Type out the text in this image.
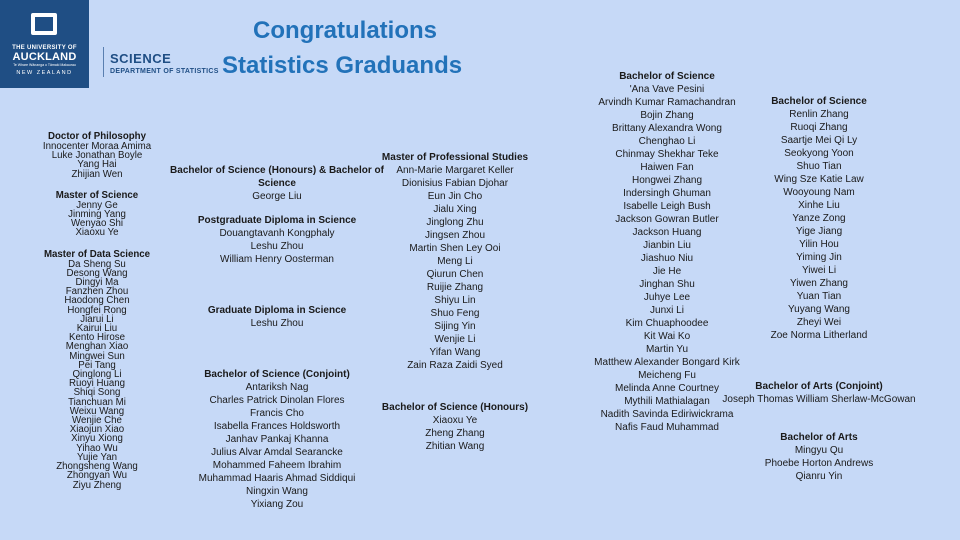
THE UNIVERSITY OF
AUCKLAND
Te Whare Wānanga o Tāmaki Makaurau
NEW ZEALAND
SCIENCE
DEPARTMENT OF STATISTICS
Congratulations
Statistics Graduands
Doctor of Philosophy
Innocenter Moraa Amima
Luke Jonathan Boyle
Yang Hai
Zhijian Wen
Master of Science
Jenny Ge
Jinming Yang
Wenyao Shi
Xiaoxu Ye
Master of Data Science
Da Sheng Su
Desong Wang
Dingyi Ma
Fanzhen Zhou
Haodong Chen
Hongfei Rong
Jiarui Li
Kairui Liu
Kento Hirose
Menghan Xiao
Mingwei Sun
Pei Tang
Qinglong Li
Ruoyi Huang
Shiqi Song
Tianchuan Mi
Weixu Wang
Wenjie Che
Xiaojun Xiao
Xinyu Xiong
Yihao Wu
Yujie Yan
Zhongsheng Wang
Zhongyan Wu
Ziyu Zheng
Bachelor of Science (Honours) & Bachelor of Science
George Liu
Postgraduate Diploma in Science
Douangtavanh Kongphaly
Leshu Zhou
William Henry Oosterman
Graduate Diploma in Science
Leshu Zhou
Bachelor of Science (Conjoint)
Antariksh Nag
Charles Patrick Dinolan Flores
Francis Cho
Isabella Frances Holdsworth
Janhav Pankaj Khanna
Julius Alvar Amdal Searancke
Mohammed Faheem Ibrahim
Muhammad Haaris Ahmad Siddiqui
Ningxin Wang
Yixiang Zou
Master of Professional Studies
Ann-Marie Margaret Keller
Dionisius Fabian Djohar
Eun Jin Cho
Jialu Xing
Jinglong Zhu
Jingsen Zhou
Martin Shen Ley Ooi
Meng Li
Qiurun Chen
Ruijie Zhang
Shiyu Lin
Shuo Feng
Sijing Yin
Wenjie Li
Yifan Wang
Zain Raza Zaidi Syed
Bachelor of Science (Honours)
Xiaoxu Ye
Zheng Zhang
Zhitian Wang
Bachelor of Science
'Ana Vave Pesini
Arvindh Kumar Ramachandran
Bojin Zhang
Brittany Alexandra Wong
Chenghao Li
Chinmay Shekhar Teke
Haiwen Fan
Hongwei Zhang
Indersingh Ghuman
Isabelle Leigh Bush
Jackson Gowran Butler
Jackson Huang
Jianbin Liu
Jiashuo Niu
Jie He
Jinghan Shu
Juhye Lee
Junxi Li
Kim Chuaphoodee
Kit Wai Ko
Martin Yu
Matthew Alexander Bongard Kirk
Meicheng Fu
Melinda Anne Courtney
Mythili Mathialagan
Nadith Savinda Ediriwickrama
Nafis Faud Muhammad
Bachelor of Science
Renlin Zhang
Ruoqi Zhang
Saartje Mei Qi Ly
Seokyong Yoon
Shuo Tian
Wing Sze Katie Law
Wooyoung Nam
Xinhe Liu
Yanze Zong
Yige Jiang
Yilin Hou
Yiming Jin
Yiwei Li
Yiwen Zhang
Yuan Tian
Yuyang Wang
Zheyi Wei
Zoe Norma Litherland
Bachelor of Arts (Conjoint)
Joseph Thomas William Sherlaw-McGowan
Bachelor of Arts
Mingyu Qu
Phoebe Horton Andrews
Qianru Yin
